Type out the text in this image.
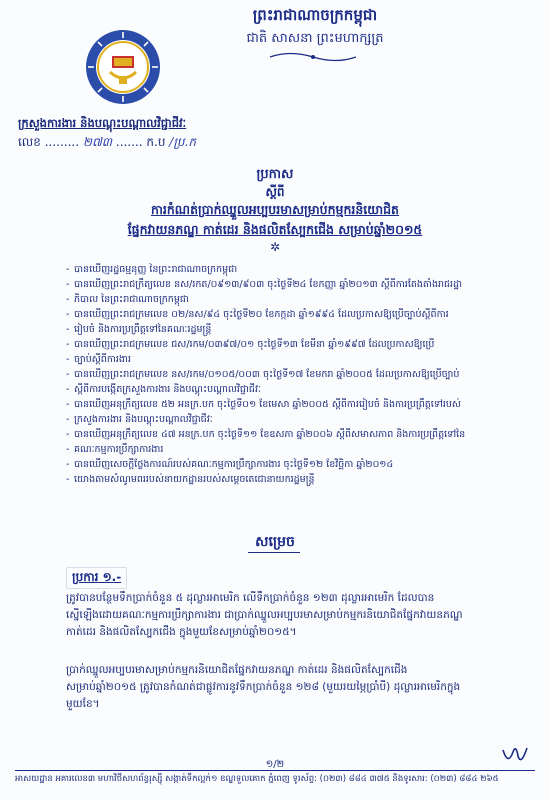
ព្រះរាជាណាចក្រកម្ពុជា
ជាតិ សាសនា ព្រះមហាក្សត្រ
ក្រសួងការងារ និងបណ្តុះបណ្តាលវិជ្ជាជីវៈ
លេខ ......... ២៧៣ ....... ក.ប /ប្រ.ក
ប្រកាស
ស្តីពី
ការកំណត់ប្រាក់ឈ្នួលអប្បបរមាសម្រាប់កម្មករនិយោជិត
ផ្នែកវាយនភណ្ឌ កាត់ដេរ និងផលិតស្បែកជើង សម្រាប់ឆ្នាំ២០១៥
✲
- បានឃើញរដ្ឋធម្មនុញ្ញ នៃព្រះរាជាណាចក្រកម្ពុជា
- បានឃើញព្រះរាជក្រឹត្យលេខ នស/រកត/០៩១៣/៩០៣ ចុះថ្ងៃទី២៤ ខែកញ្ញា ឆ្នាំ២០១៣ ស្តីពីការតែងតាំងរាជរដ្ឋា
- ភិបាល នៃព្រះរាជាណាចក្រកម្ពុជា
- បានឃើញព្រះរាជក្រមលេខ ០២/នស/៩៤ ចុះថ្ងៃទី២០ ខែកក្កដា ឆ្នាំ១៩៩៤ ដែលប្រកាសឱ្យប្រើច្បាប់ស្តីពីការ
- រៀបចំ និងការប្រព្រឹត្តទៅនៃគណៈរដ្ឋមន្ត្រី
- បានឃើញព្រះរាជក្រមលេខ ជស/រកម/០៣៩៧/០១ ចុះថ្ងៃទី១៣ ខែមីនា ឆ្នាំ១៩៩៧ ដែលប្រកាសឱ្យប្រើ
- ច្បាប់ស្តីពីការងារ
- បានឃើញព្រះរាជក្រមលេខ នស/រកម/០១០៥/០០៣ ចុះថ្ងៃទី១៧ ខែមករា ឆ្នាំ២០០៥ ដែលប្រកាសឱ្យប្រើច្បាប់
- ស្តីពីការបង្កើតក្រសួងការងារ និងបណ្តុះបណ្តាលវិជ្ជាជីវៈ
- បានឃើញអនុក្រឹត្យលេខ ៥២ អនក្រ.បក ចុះថ្ងៃទី០១ ខែមេសា ឆ្នាំ២០០៥ ស្តីពីការរៀបចំ និងការប្រព្រឹត្តទៅរបស់
- ក្រសួងការងារ និងបណ្តុះបណ្តាលវិជ្ជាជីវៈ
- បានឃើញអនុក្រឹត្យលេខ ៤៧ អនក្រ.បក ចុះថ្ងៃទី១១ ខែឧសភា ឆ្នាំ២០០៦ ស្តីពីសមាសភាព និងការប្រព្រឹត្តទៅនៃ
- គណៈកម្មការប្រឹក្សាការងារ
- បានឃើញសេចក្តីថ្លែងការណ៍របស់គណៈកម្មការប្រឹក្សាការងារ ចុះថ្ងៃទី១២ ខែវិច្ឆិកា ឆ្នាំ២០១៤
- យោងតាមសំណូមពររបស់នាយកដ្ឋានរបស់សម្តេចតេជោនាយករដ្ឋមន្ត្រី
សម្រេច
ប្រការ ១.-
ត្រូវបានបន្ថែមទឹកប្រាក់ចំនួន ៥ ដុល្លារអាមេរិក លើទឹកប្រាក់ចំនួន ១២៣ ដុល្លារអាមេរិក ដែលបាន
ស្នើឡើងដោយគណៈកម្មការប្រឹក្សាការងារ ជាប្រាក់ឈ្នួលអប្បបរមាសម្រាប់កម្មករនិយោជិតផ្នែកវាយនភណ្ឌ
កាត់ដេរ និងផលិតស្បែកជើង ក្នុងមួយខែសម្រាប់ឆ្នាំ២០១៥។
ប្រាក់ឈ្នួលអប្បបរមាសម្រាប់កម្មករនិយោជិតផ្នែកវាយនភណ្ឌ កាត់ដេរ និងផលិតស្បែកជើង
សម្រាប់ឆ្នាំ២០១៥ ត្រូវបានកំណត់ជាផ្លូវការនូវទឹកប្រាក់ចំនួន ១២៨ (មួយរយម្ភៃប្រាំបី) ដុល្លារអាមេរិកក្នុង
មួយខែ។
១/២
អាសយដ្ឋាន អគារលេខ៣ មហាវិថីសហព័ន្ធរុស្ស៊ី សង្កាត់ទឹកល្អក់១ ខណ្ឌទួលគោក ភ្នំពេញ ទូរស័ព្ទ: (០២៣) ៨៨៤ ៣៧៥ និងទូរសារ: (០២៣) ៨៨៤ ២៦៥
